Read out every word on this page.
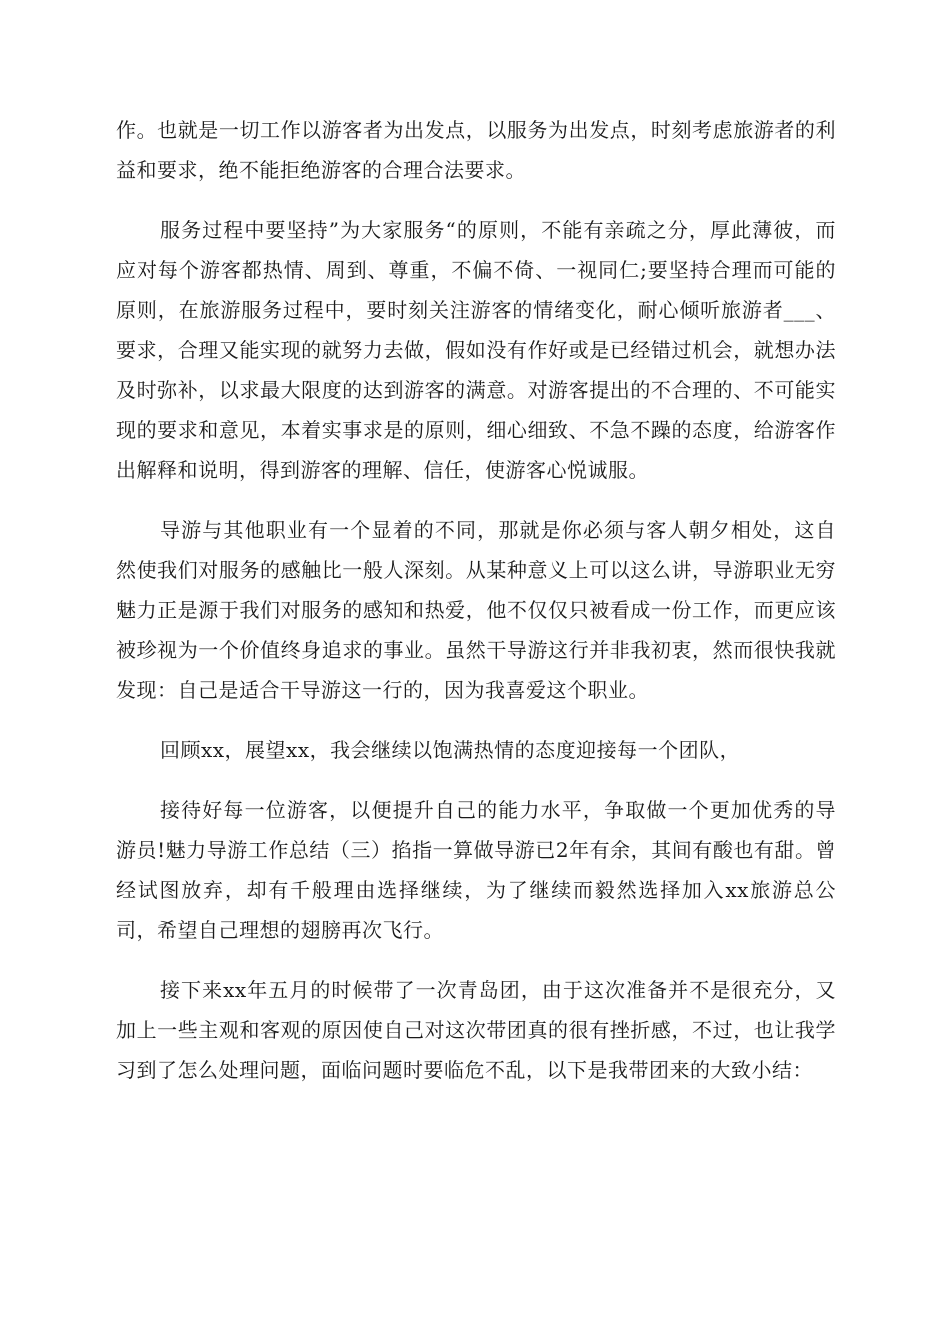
作。也就是一切工作以游客者为出发点，以服务为出发点，时刻考虑旅游者的利益和要求，绝不能拒绝游客的合理合法要求。

服务过程中要坚持”为大家服务“的原则，不能有亲疏之分，厚此薄彼，而应对每个游客都热情、周到、尊重，不偏不倚、一视同仁;要坚持合理而可能的原则，在旅游服务过程中，要时刻关注游客的情绪变化，耐心倾听旅游者___、要求，合理又能实现的就努力去做，假如没有作好或是已经错过机会，就想办法及时弥补，以求最大限度的达到游客的满意。对游客提出的不合理的、不可能实现的要求和意见，本着实事求是的原则，细心细致、不急不躁的态度，给游客作出解释和说明，得到游客的理解、信任，使游客心悦诚服。

导游与其他职业有一个显着的不同，那就是你必须与客人朝夕相处，这自然使我们对服务的感触比一般人深刻。从某种意义上可以这么讲，导游职业无穷魅力正是源于我们对服务的感知和热爱，他不仅仅只被看成一份工作，而更应该被珍视为一个价值终身追求的事业。虽然干导游这行并非我初衷，然而很快我就发现：自己是适合干导游这一行的，因为我喜爱这个职业。

回顾xx，展望xx，我会继续以饱满热情的态度迎接每一个团队，

接待好每一位游客，以便提升自己的能力水平，争取做一个更加优秀的导游员!魅力导游工作总结（三）掐指一算做导游已2年有余，其间有酸也有甜。曾经试图放弃，却有千般理由选择继续，为了继续而毅然选择加入xx旅游总公司，希望自己理想的翅膀再次飞行。

接下来xx年五月的时候带了一次青岛团，由于这次准备并不是很充分，又加上一些主观和客观的原因使自己对这次带团真的很有挫折感，不过，也让我学习到了怎么处理问题，面临问题时要临危不乱，以下是我带团来的大致小结：
